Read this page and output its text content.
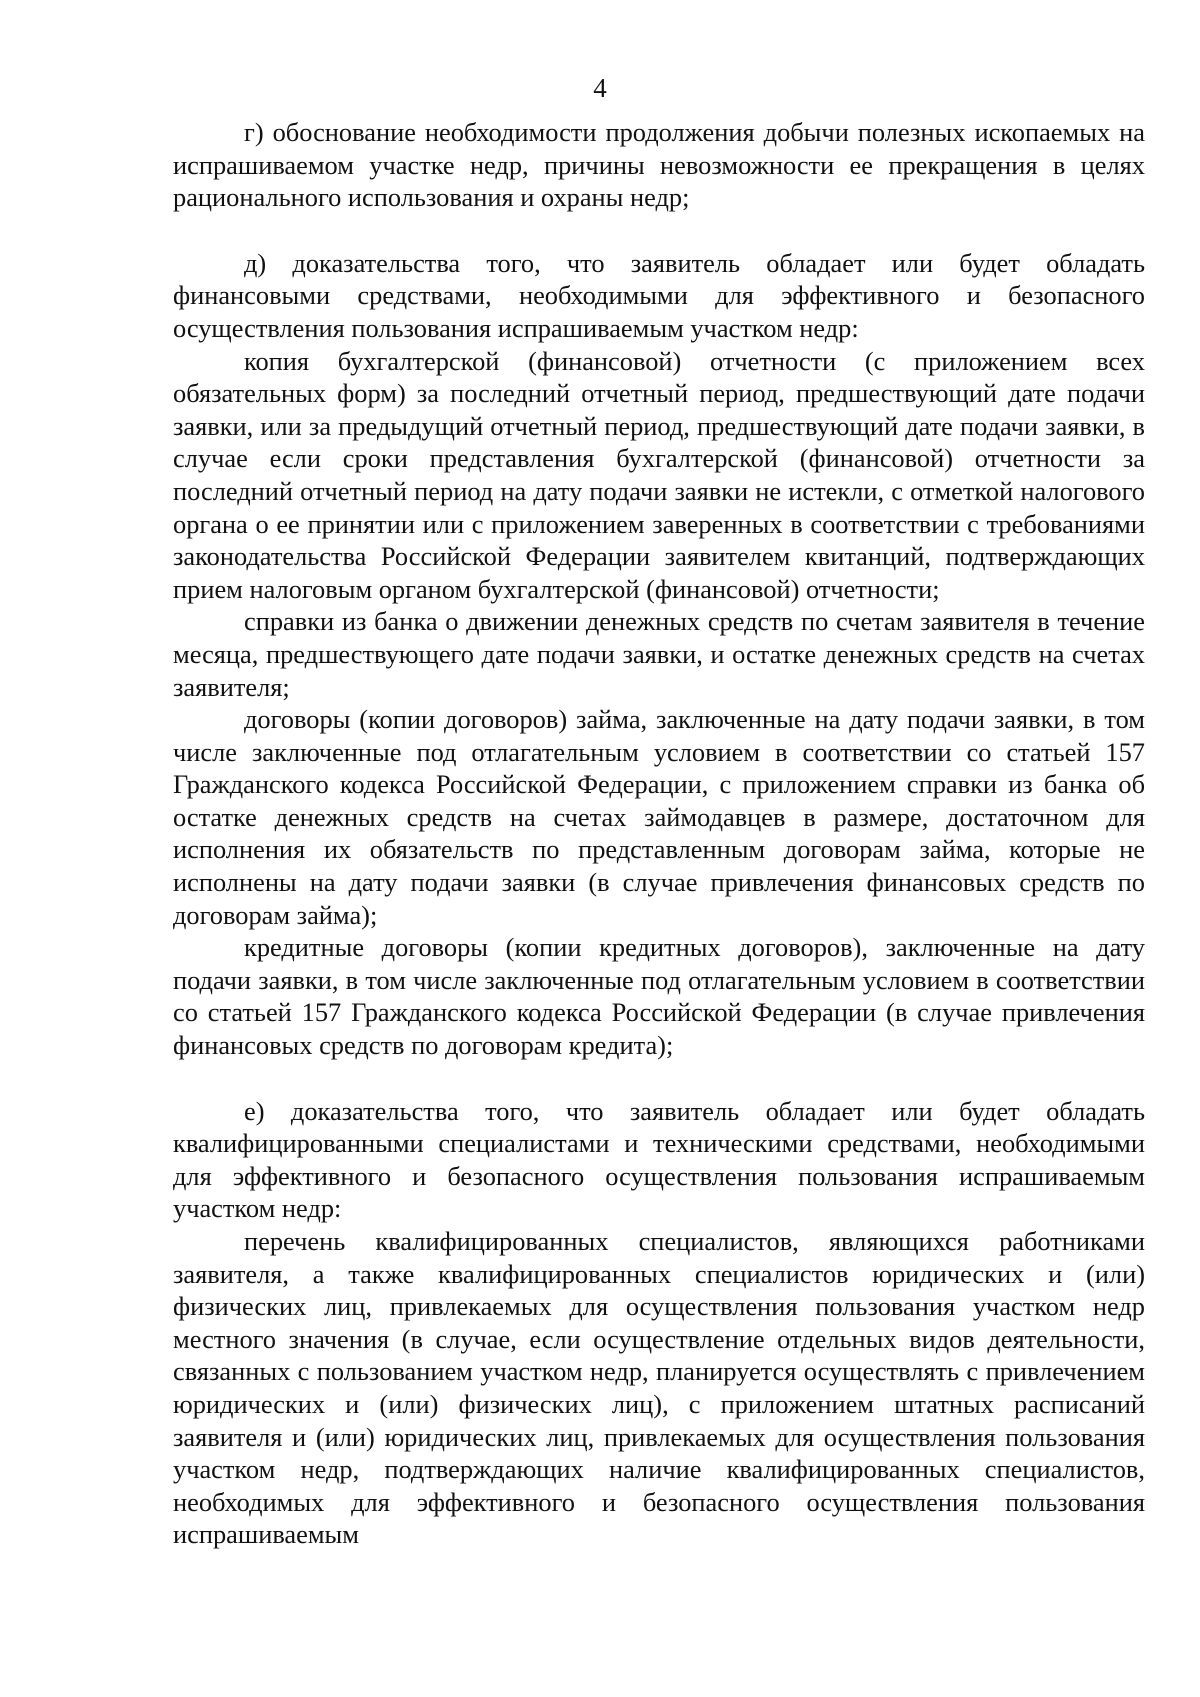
4

г) обоснование необходимости продолжения добычи полезных ископаемых на испрашиваемом участке недр, причины невозможности ее прекращения в целях рационального использования и охраны недр;

д) доказательства того, что заявитель обладает или будет обладать финансовыми средствами, необходимыми для эффективного и безопасного осуществления пользования испрашиваемым участком недр:

копия бухгалтерской (финансовой) отчетности (с приложением всех обязательных форм) за последний отчетный период, предшествующий дате подачи заявки, или за предыдущий отчетный период, предшествующий дате подачи заявки, в случае если сроки представления бухгалтерской (финансовой) отчетности за последний отчетный период на дату подачи заявки не истекли, с отметкой налогового органа о ее принятии или с приложением заверенных в соответствии с требованиями законодательства Российской Федерации заявителем квитанций, подтверждающих прием налоговым органом бухгалтерской (финансовой) отчетности;

справки из банка о движении денежных средств по счетам заявителя в течение месяца, предшествующего дате подачи заявки, и остатке денежных средств на счетах заявителя;

договоры (копии договоров) займа, заключенные на дату подачи заявки, в том числе заключенные под отлагательным условием в соответствии со статьей 157 Гражданского кодекса Российской Федерации, с приложением справки из банка об остатке денежных средств на счетах займодавцев в размере, достаточном для исполнения их обязательств по представленным договорам займа, которые не исполнены на дату подачи заявки (в случае привлечения финансовых средств по договорам займа);

кредитные договоры (копии кредитных договоров), заключенные на дату подачи заявки, в том числе заключенные под отлагательным условием в соответствии со статьей 157 Гражданского кодекса Российской Федерации (в случае привлечения финансовых средств по договорам кредита);

е) доказательства того, что заявитель обладает или будет обладать квалифицированными специалистами и техническими средствами, необходимыми для эффективного и безопасного осуществления пользования испрашиваемым участком недр:

перечень квалифицированных специалистов, являющихся работниками заявителя, а также квалифицированных специалистов юридических и (или) физических лиц, привлекаемых для осуществления пользования участком недр местного значения (в случае, если осуществление отдельных видов деятельности, связанных с пользованием участком недр, планируется осуществлять с привлечением юридических и (или) физических лиц), с приложением штатных расписаний заявителя и (или) юридических лиц, привлекаемых для осуществления пользования участком недр, подтверждающих наличие квалифицированных специалистов, необходимых для эффективного и безопасного осуществления пользования испрашиваемым
